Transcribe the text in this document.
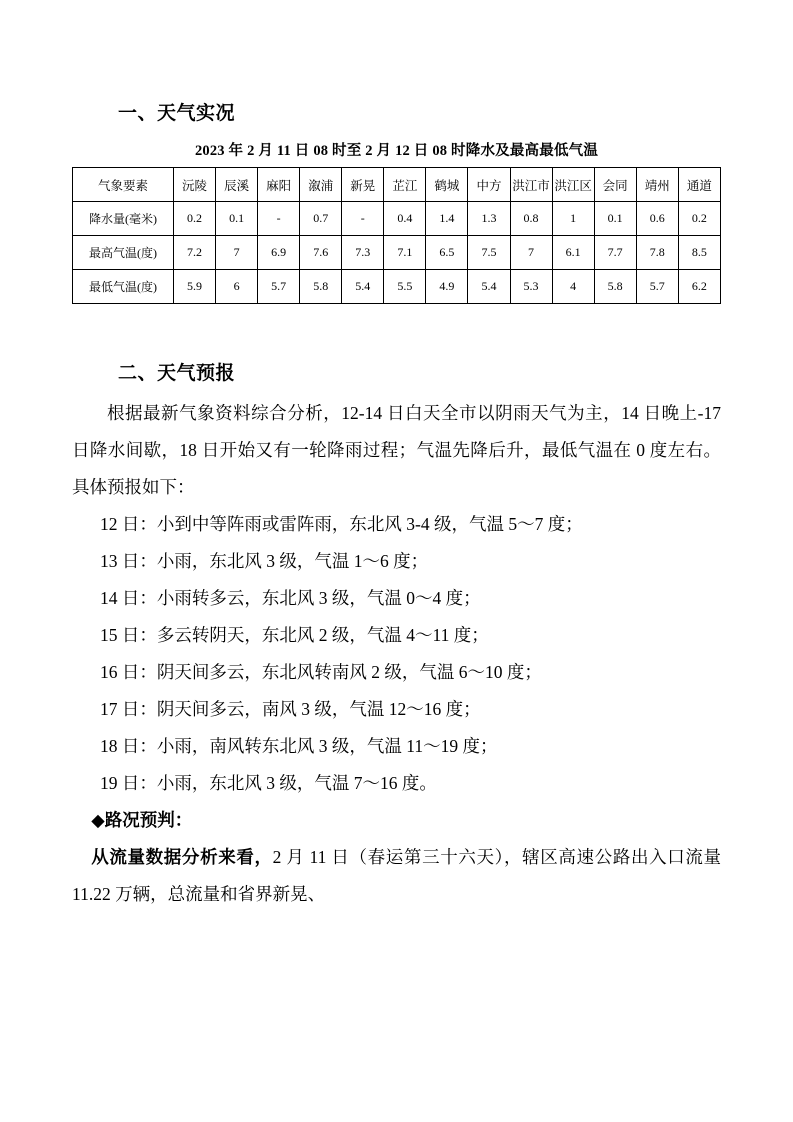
一、天气实况
2023 年 2 月 11 日 08 时至 2 月 12 日 08 时降水及最高最低气温
气象要素	沅陵	辰溪	麻阳	溆浦	新晃	芷江	鹤城	中方	洪江市	洪江区	会同	靖州	通道
降水量(毫米)	0.2	0.1	-	0.7	-	0.4	1.4	1.3	0.8	1	0.1	0.6	0.2
最高气温(度)	7.2	7	6.9	7.6	7.3	7.1	6.5	7.5	7	6.1	7.7	7.8	8.5
最低气温(度)	5.9	6	5.7	5.8	5.4	5.5	4.9	5.4	5.3	4	5.8	5.7	6.2
二、天气预报

根据最新气象资料综合分析，12-14 日白天全市以阴雨天气为主，14 日晚上-17 日降水间歇，18 日开始又有一轮降雨过程；气温先降后升，最低气温在 0 度左右。具体预报如下：

12 日：小到中等阵雨或雷阵雨，东北风 3-4 级，气温 5～7 度；

13 日：小雨，东北风 3 级，气温 1～6 度；

14 日：小雨转多云，东北风 3 级，气温 0～4 度；

15 日：多云转阴天，东北风 2 级，气温 4～11 度；

16 日：阴天间多云，东北风转南风 2 级，气温 6～10 度；

17 日：阴天间多云，南风 3 级，气温 12～16 度；

18 日：小雨，南风转东北风 3 级，气温 11～19 度；

19 日：小雨，东北风 3 级，气温 7～16 度。

◆路况预判：

从流量数据分析来看，2 月 11 日（春运第三十六天），辖区高速公路出入口流量 11.22 万辆，总流量和省界新晃、
